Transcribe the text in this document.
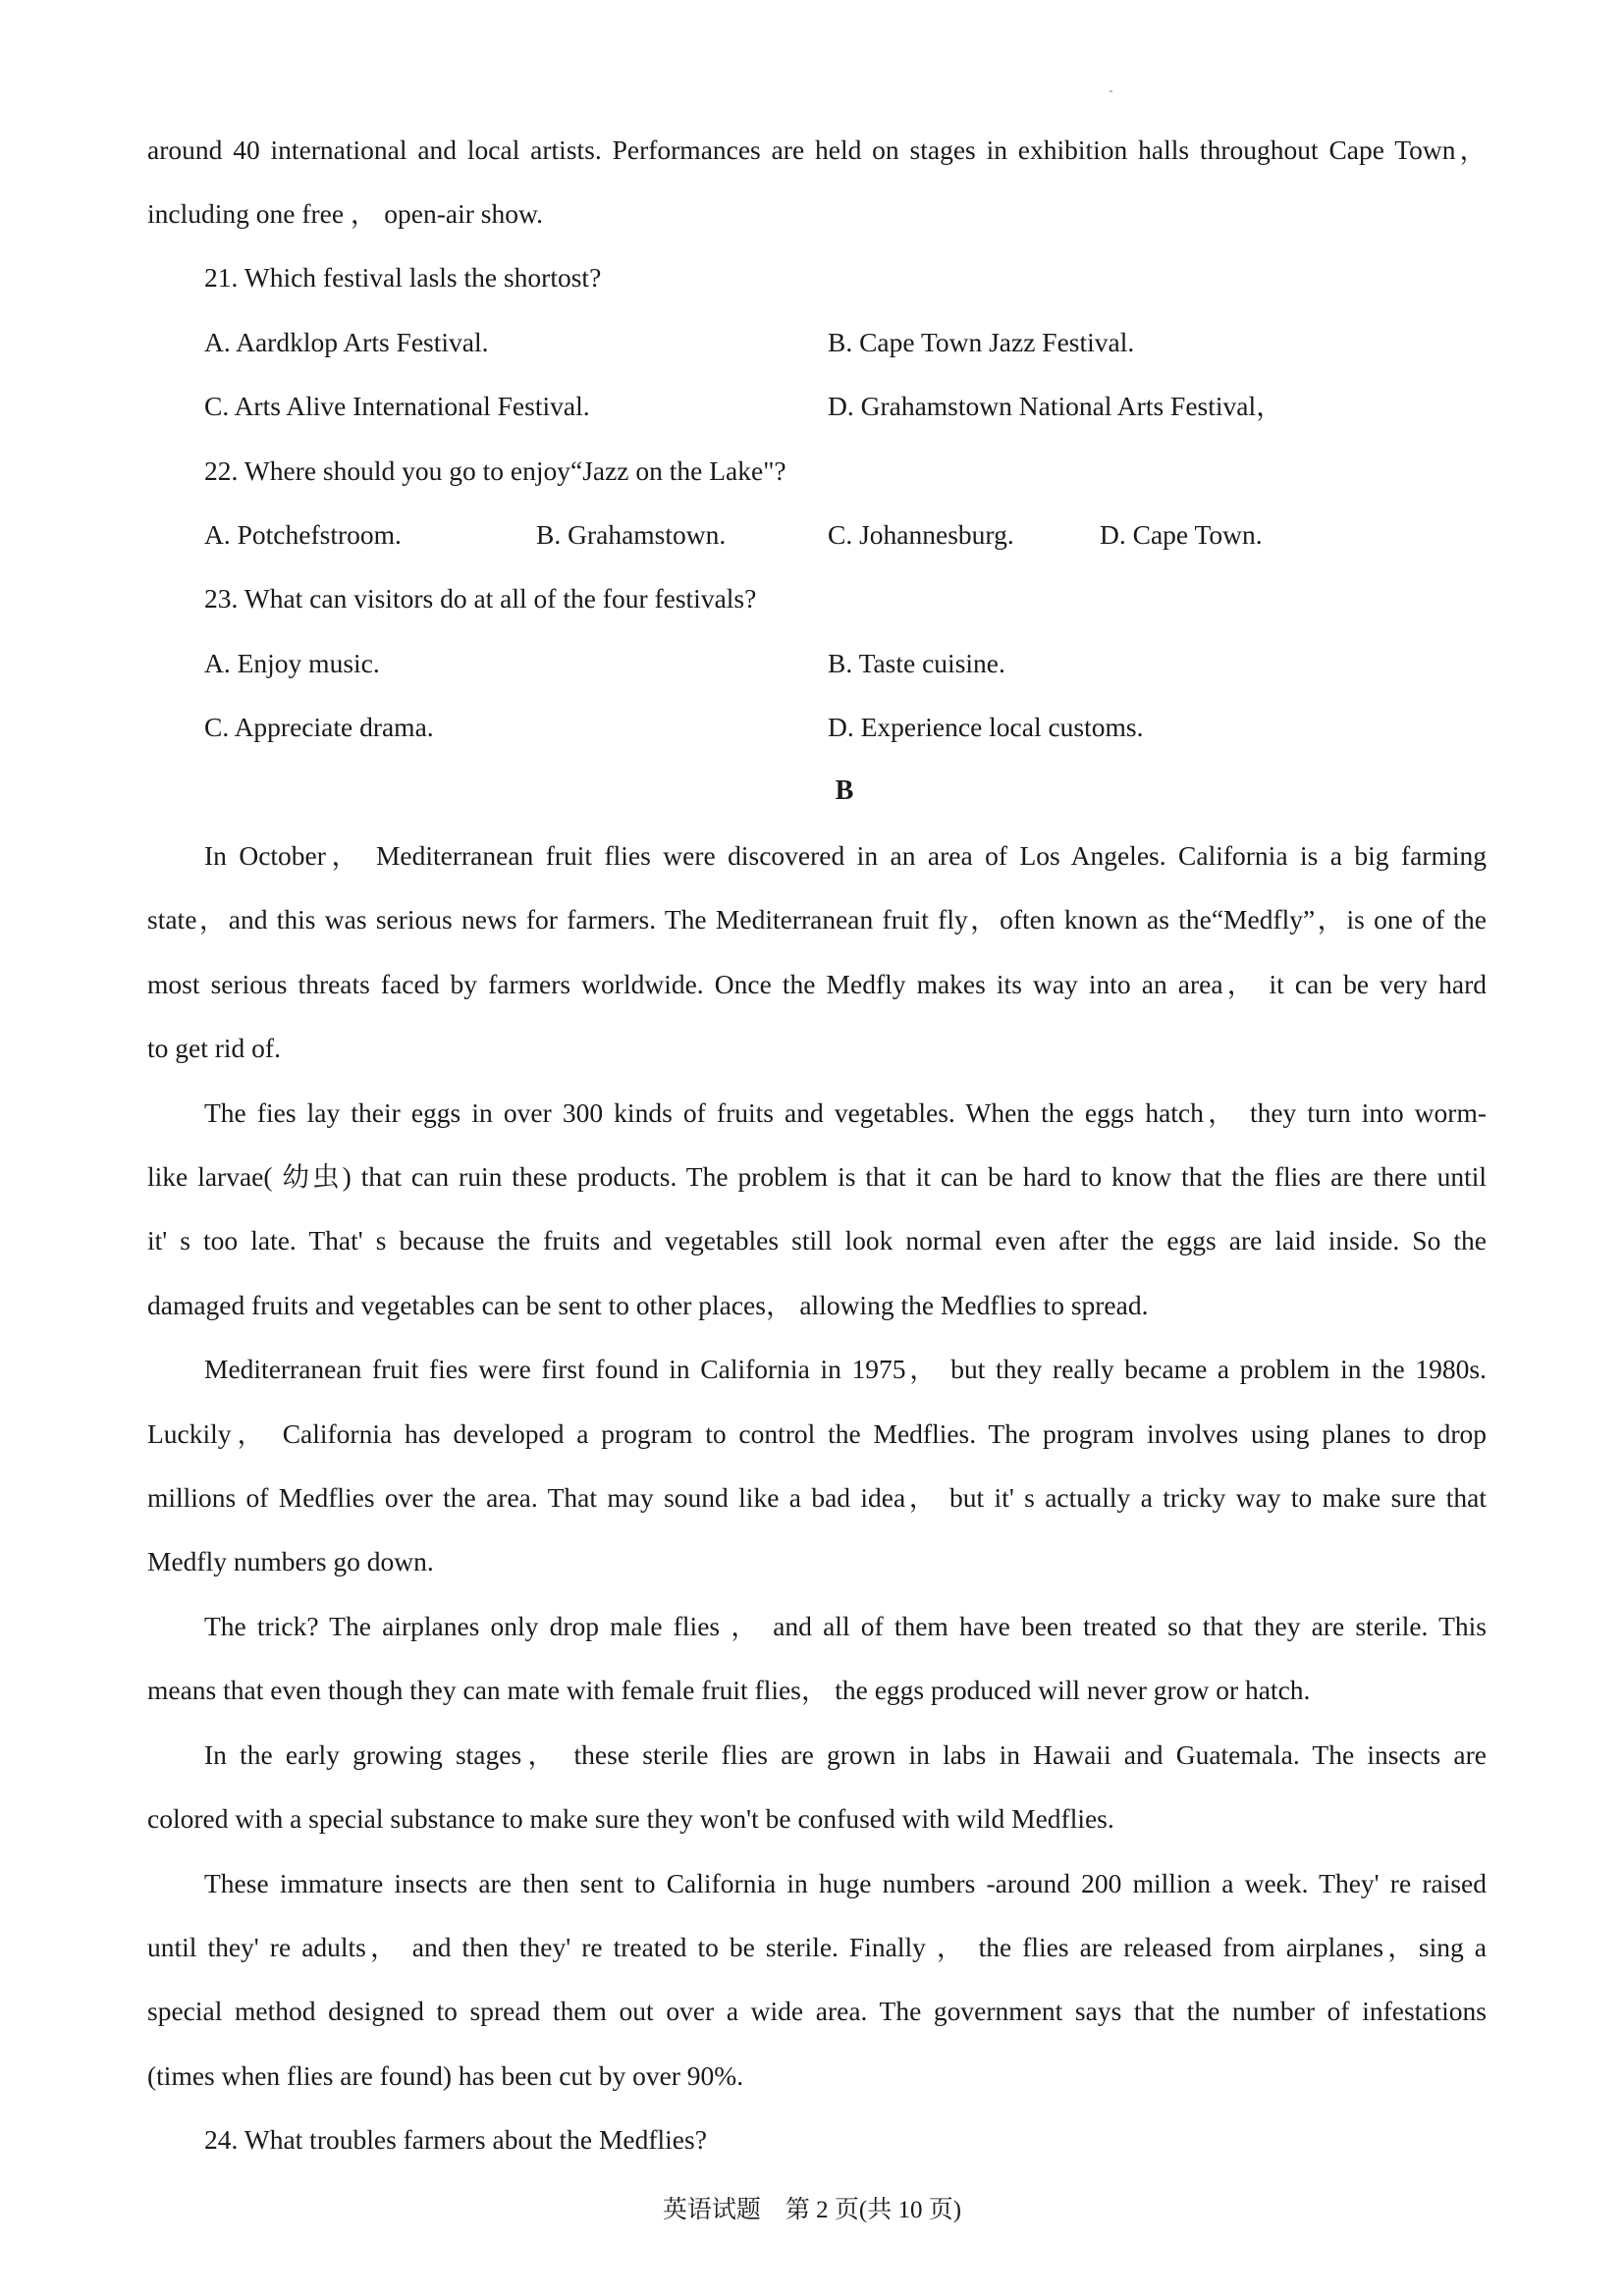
around 40 international and local artists. Performances are held on stages in exhibition halls throughout Cape Town，
including one free ， open-air show.
21. Which festival lasls the shortost?
A. Aardklop Arts Festival.	B. Cape Town Jazz Festival.
C. Arts Alive International Festival.	D. Grahamstown National Arts Festival，
22. Where should you go to enjoy“Jazz on the Lake"?
A. Potchefstroom.	B. Grahamstown.	C. Johannesburg.	D. Cape Town.
23. What can visitors do at all of the four festivals?
A. Enjoy music.	B. Taste cuisine.
C. Appreciate drama.	D. Experience local customs.
B
In October， Mediterranean fruit flies were discovered in an area of Los Angeles. California is a big farming
state，and this was serious news for farmers. The Mediterranean fruit fly，often known as the“Medfly”，is one of the
most serious threats faced by farmers worldwide. Once the Medfly makes its way into an area， it can be very hard
to get rid of.
The fies lay their eggs in over 300 kinds of fruits and vegetables. When the eggs hatch， they turn into worm-
like larvae( 幼虫) that can ruin these products. The problem is that it can be hard to know that the flies are there until
it' s too late. That' s because the fruits and vegetables still look normal even after the eggs are laid inside. So the
damaged fruits and vegetables can be sent to other places， allowing the Medflies to spread.
Mediterranean fruit fies were first found in California in 1975， but they really became a problem in the 1980s.
Luckily， California has developed a program to control the Medflies. The program involves using planes to drop
millions of Medflies over the area. That may sound like a bad idea， but it' s actually a tricky way to make sure that
Medfly numbers go down.
The trick? The airplanes only drop male flies ， and all of them have been treated so that they are sterile. This
means that even though they can mate with female fruit flies， the eggs produced will never grow or hatch.
In the early growing stages， these sterile flies are grown in labs in Hawaii and Guatemala. The insects are
colored with a special substance to make sure they won't be confused with wild Medflies.
These immature insects are then sent to California in huge numbers -around 200 million a week. They' re raised
until they' re adults， and then they' re treated to be sterile. Finally ， the flies are released from airplanes，sing a
special method designed to spread them out over a wide area. The government says that the number of infestations
(times when flies are found) has been cut by over 90%.
24. What troubles farmers about the Medflies?
英语试题　第 2 页(共 10 页)
